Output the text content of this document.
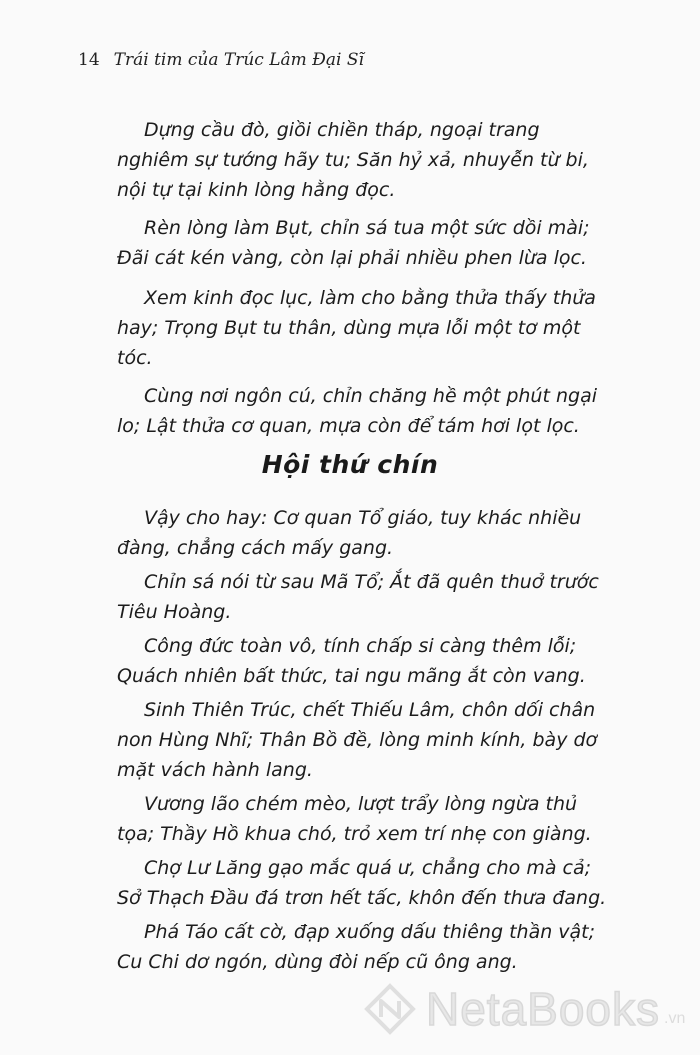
14 Trái tim của Trúc Lâm Đại Sĩ

Dựng cầu đò, giồi chiền tháp, ngoại trang nghiêm sự tướng hãy tu; Săn hỷ xả, nhuyễn từ bi, nội tự tại kinh lòng hằng đọc.

Rèn lòng làm Bụt, chỉn sá tua một sức dồi mài; Đãi cát kén vàng, còn lại phải nhiều phen lừa lọc.

Xem kinh đọc lục, làm cho bằng thửa thấy thửa hay; Trọng Bụt tu thân, dùng mựa lỗi một tơ một tóc.

Cùng nơi ngôn cú, chỉn chăng hề một phút ngại lo; Lật thửa cơ quan, mựa còn để tám hơi lọt lọc.

Hội thứ chín

Vậy cho hay: Cơ quan Tổ giáo, tuy khác nhiều đàng, chẳng cách mấy gang.

Chỉn sá nói từ sau Mã Tổ; Ắt đã quên thuở trước Tiêu Hoàng.

Công đức toàn vô, tính chấp si càng thêm lỗi; Quách nhiên bất thức, tai ngu mãng ắt còn vang.

Sinh Thiên Trúc, chết Thiếu Lâm, chôn dối chân non Hùng Nhĩ; Thân Bồ đề, lòng minh kính, bày dơ mặt vách hành lang.

Vương lão chém mèo, lượt trẩy lòng ngừa thủ tọa; Thầy Hồ khua chó, trỏ xem trí nhẹ con giàng.

Chợ Lư Lăng gạo mắc quá ư, chẳng cho mà cả; Sở Thạch Đầu đá trơn hết tấc, khôn đến thưa đang.

Phá Táo cất cờ, đạp xuống dấu thiêng thần vật; Cu Chi dơ ngón, dùng đòi nếp cũ ông ang.

NetaBooks .vn
